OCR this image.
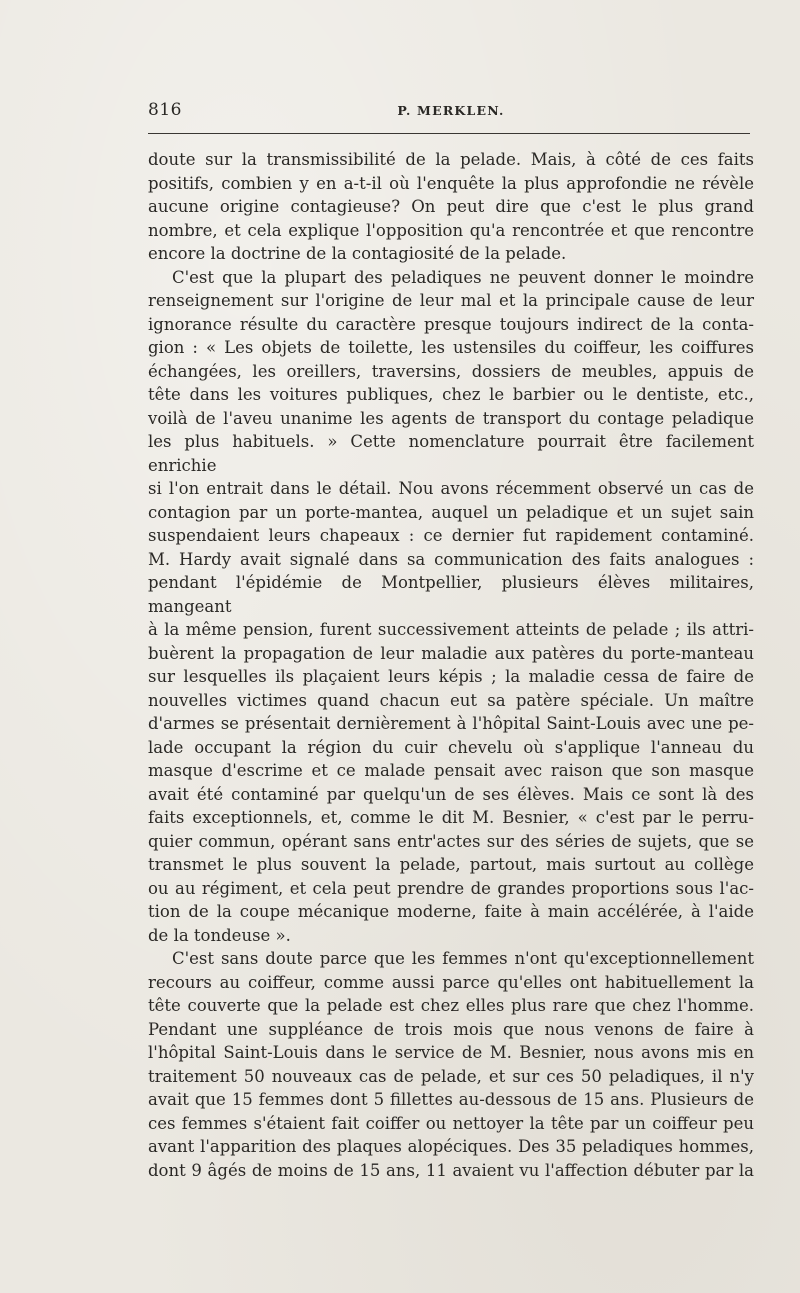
816	P. MERKLEN.

doute sur la transmissibilité de la pelade. Mais, à côté de ces faits

positifs, combien y en a-t-il où l'enquête la plus approfondie ne révèle

aucune origine contagieuse? On peut dire que c'est le plus grand

nombre, et cela explique l'opposition qu'a rencontrée et que rencontre

encore la doctrine de la contagiosité de la pelade.

C'est que la plupart des peladiques ne peuvent donner le moindre

renseignement sur l'origine de leur mal et la principale cause de leur

ignorance résulte du caractère presque toujours indirect de la conta-

gion : « Les objets de toilette, les ustensiles du coiffeur, les coiffures

échangées, les oreillers, traversins, dossiers de meubles, appuis de

tête dans les voitures publiques, chez le barbier ou le dentiste, etc.,

voilà de l'aveu unanime les agents de transport du contage peladique

les plus habituels. » Cette nomenclature pourrait être facilement enrichie

si l'on entrait dans le détail. Nou avons récemment observé un cas de

contagion par un porte-mantea, auquel un peladique et un sujet sain

suspendaient leurs chapeaux : ce dernier fut rapidement contaminé.

M. Hardy avait signalé dans sa communication des faits analogues :

pendant l'épidémie de Montpellier, plusieurs élèves militaires, mangeant

à la même pension, furent successivement atteints de pelade ; ils attri-

buèrent la propagation de leur maladie aux patères du porte-manteau

sur lesquelles ils plaçaient leurs képis ; la maladie cessa de faire de

nouvelles victimes quand chacun eut sa patère spéciale. Un maître

d'armes se présentait dernièrement à l'hôpital Saint-Louis avec une pe-

lade occupant la région du cuir chevelu où s'applique l'anneau du

masque d'escrime et ce malade pensait avec raison que son masque

avait été contaminé par quelqu'un de ses élèves. Mais ce sont là des

faits exceptionnels, et, comme le dit M. Besnier, « c'est par le perru-

quier commun, opérant sans entr'actes sur des séries de sujets, que se

transmet le plus souvent la pelade, partout, mais surtout au collège

ou au régiment, et cela peut prendre de grandes proportions sous l'ac-

tion de la coupe mécanique moderne, faite à main accélérée, à l'aide

de la tondeuse ».

C'est sans doute parce que les femmes n'ont qu'exceptionnellement

recours au coiffeur, comme aussi parce qu'elles ont habituellement la

tête couverte que la pelade est chez elles plus rare que chez l'homme.

Pendant une suppléance de trois mois que nous venons de faire à

l'hôpital Saint-Louis dans le service de M. Besnier, nous avons mis en

traitement 50 nouveaux cas de pelade, et sur ces 50 peladiques, il n'y

avait que 15 femmes dont 5 fillettes au-dessous de 15 ans. Plusieurs de

ces femmes s'étaient fait coiffer ou nettoyer la tête par un coiffeur peu

avant l'apparition des plaques alopéciques. Des 35 peladiques hommes,

dont 9 âgés de moins de 15 ans, 11 avaient vu l'affection débuter par la
